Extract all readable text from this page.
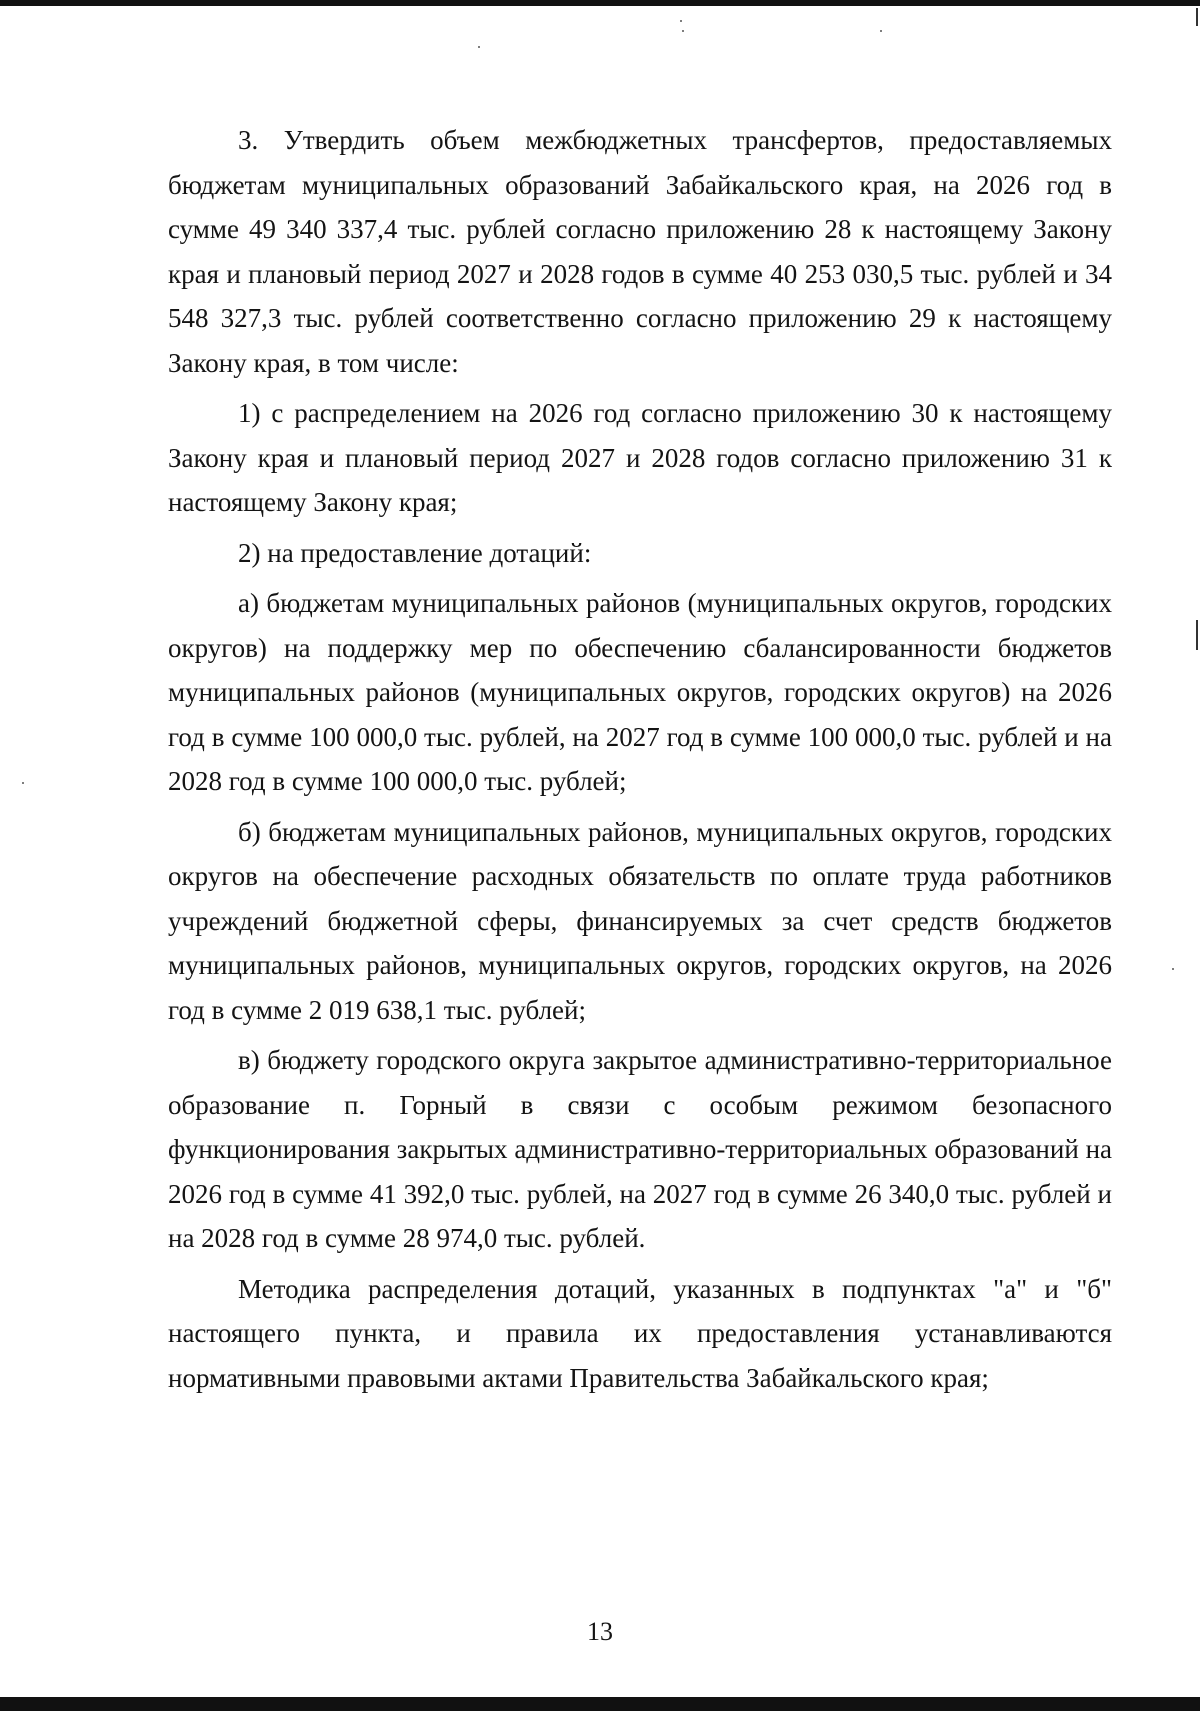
3. Утвердить объем межбюджетных трансфертов, предоставляемых бюджетам муниципальных образований Забайкальского края, на 2026 год в сумме 49 340 337,4 тыс. рублей согласно приложению 28 к настоящему Закону края и плановый период 2027 и 2028 годов в сумме 40 253 030,5 тыс. рублей и 34 548 327,3 тыс. рублей соответственно согласно приложению 29 к настоящему Закону края, в том числе:

1) с распределением на 2026 год согласно приложению 30 к настоящему Закону края и плановый период 2027 и 2028 годов согласно приложению 31 к настоящему Закону края;

2) на предоставление дотаций:

а) бюджетам муниципальных районов (муниципальных округов, городских округов) на поддержку мер по обеспечению сбалансированности бюджетов муниципальных районов (муниципальных округов, городских округов) на 2026 год в сумме 100 000,0 тыс. рублей, на 2027 год в сумме 100 000,0 тыс. рублей и на 2028 год в сумме 100 000,0 тыс. рублей;

б) бюджетам муниципальных районов, муниципальных округов, городских округов на обеспечение расходных обязательств по оплате труда работников учреждений бюджетной сферы, финансируемых за счет средств бюджетов муниципальных районов, муниципальных округов, городских округов, на 2026 год в сумме 2 019 638,1 тыс. рублей;

в) бюджету городского округа закрытое административно-территориальное образование п. Горный в связи с особым режимом безопасного функционирования закрытых административно-территориальных образований на 2026 год в сумме 41 392,0 тыс. рублей, на 2027 год в сумме 26 340,0 тыс. рублей и на 2028 год в сумме 28 974,0 тыс. рублей.

Методика распределения дотаций, указанных в подпунктах "а" и "б" настоящего пункта, и правила их предоставления устанавливаются нормативными правовыми актами Правительства Забайкальского края;

13
